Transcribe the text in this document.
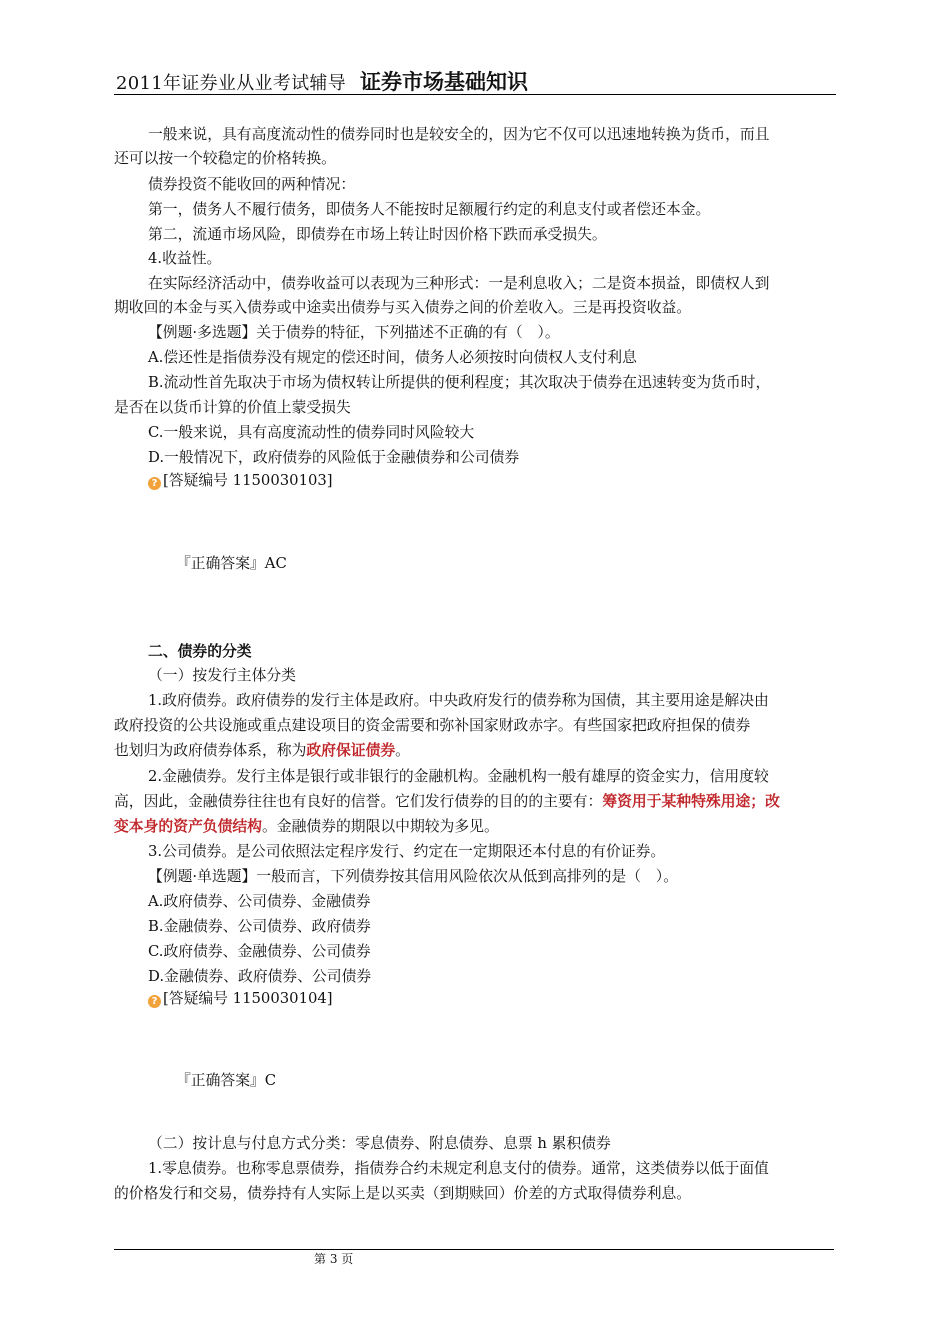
2011年证券业从业考试辅导 证券市场基础知识
一般来说，具有高度流动性的债券同时也是较安全的，因为它不仅可以迅速地转换为货币，而且
还可以按一个较稳定的价格转换。
债券投资不能收回的两种情况：
第一，债务人不履行债务，即债务人不能按时足额履行约定的利息支付或者偿还本金。
第二，流通市场风险，即债券在市场上转让时因价格下跌而承受损失。
4.收益性。
在实际经济活动中，债券收益可以表现为三种形式：一是利息收入；二是资本损益，即债权人到
期收回的本金与买入债券或中途卖出债券与买入债券之间的价差收入。三是再投资收益。
【例题·多选题】关于债券的特征，下列描述不正确的有（　）。
A.偿还性是指债券没有规定的偿还时间，债务人必须按时向债权人支付利息
B.流动性首先取决于市场为债权转让所提供的便利程度；其次取决于债券在迅速转变为货币时，
是否在以货币计算的价值上蒙受损失
C.一般来说，具有高度流动性的债券同时风险较大
D.一般情况下，政府债券的风险低于金融债券和公司债券
? [答疑编号 1150030103]
『正确答案』AC
二、债券的分类
（一）按发行主体分类
1.政府债券。政府债券的发行主体是政府。中央政府发行的债券称为国债，其主要用途是解决由
政府投资的公共设施或重点建设项目的资金需要和弥补国家财政赤字。有些国家把政府担保的债券
也划归为政府债券体系，称为政府保证债券。
2.金融债券。发行主体是银行或非银行的金融机构。金融机构一般有雄厚的资金实力，信用度较
高，因此，金融债券往往也有良好的信誉。它们发行债券的目的的主要有：筹资用于某种特殊用途；改
变本身的资产负债结构。金融债券的期限以中期较为多见。
3.公司债券。是公司依照法定程序发行、约定在一定期限还本付息的有价证券。
【例题·单选题】一般而言，下列债券按其信用风险依次从低到高排列的是（　）。
A.政府债券、公司债券、金融债券
B.金融债券、公司债券、政府债券
C.政府债券、金融债券、公司债券
D.金融债券、政府债券、公司债券
? [答疑编号 1150030104]
『正确答案』C
（二）按计息与付息方式分类：零息债券、附息债券、息票 h 累积债券
1.零息债券。也称零息票债券，指债券合约未规定利息支付的债券。通常，这类债券以低于面值
的价格发行和交易，债券持有人实际上是以买卖（到期赎回）价差的方式取得债券利息。
第 3 页
